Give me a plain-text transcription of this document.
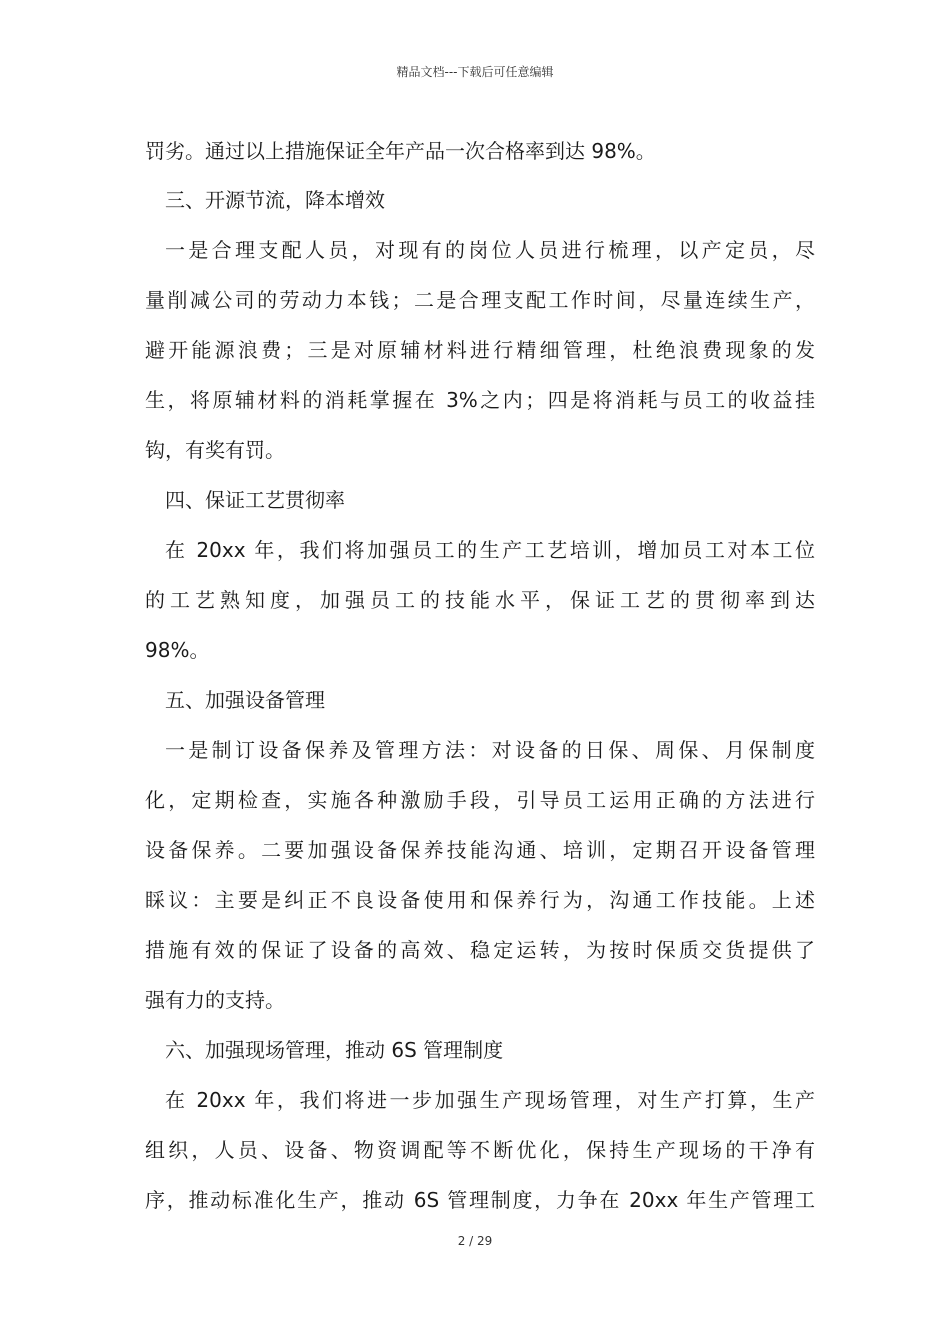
精品文档---下载后可任意编辑
罚劣。通过以上措施保证全年产品一次合格率到达 98%。
三、开源节流，降本增效
一是合理支配人员，对现有的岗位人员进行梳理，以产定员，尽
量削减公司的劳动力本钱；二是合理支配工作时间，尽量连续生产，
避开能源浪费；三是对原辅材料进行精细管理，杜绝浪费现象的发
生，将原辅材料的消耗掌握在 3%之内；四是将消耗与员工的收益挂
钩，有奖有罚。
四、保证工艺贯彻率
在 20xx 年，我们将加强员工的生产工艺培训，增加员工对本工位
的工艺熟知度，加强员工的技能水平，保证工艺的贯彻率到达
98%。
五、加强设备管理
一是制订设备保养及管理方法：对设备的日保、周保、月保制度
化，定期检查，实施各种激励手段，引导员工运用正确的方法进行
设备保养。二要加强设备保养技能沟通、培训，定期召开设备管理
睬议：主要是纠正不良设备使用和保养行为，沟通工作技能。上述
措施有效的保证了设备的高效、稳定运转，为按时保质交货提供了
强有力的支持。
六、加强现场管理，推动 6S 管理制度
在 20xx 年，我们将进一步加强生产现场管理，对生产打算，生产
组织，人员、设备、物资调配等不断优化，保持生产现场的干净有
序，推动标准化生产，推动 6S 管理制度，力争在 20xx 年生产管理工
2 / 29
